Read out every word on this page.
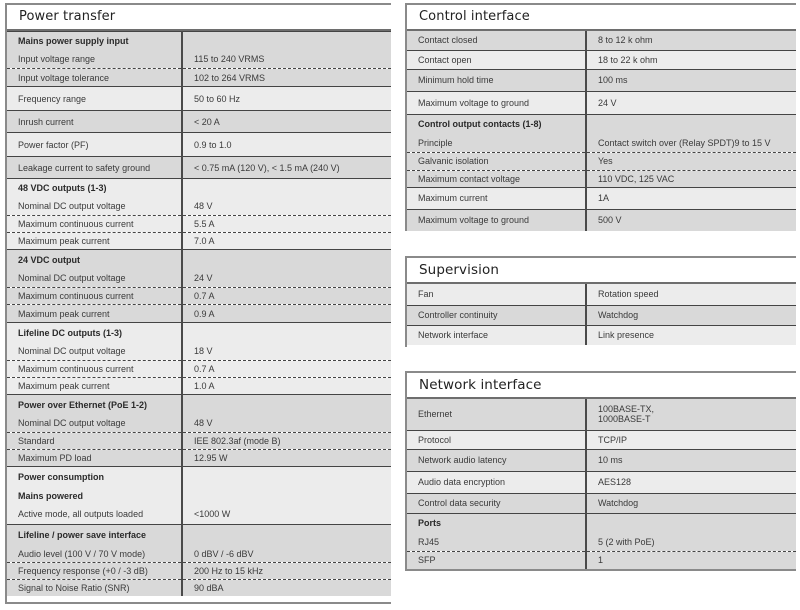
Power transfer
Mains power supply input	
Input voltage range	115 to 240 VRMS
Input voltage tolerance	102 to 264 VRMS
Frequency range	50 to 60 Hz
Inrush current	< 20 A
Power factor (PF)	0.9 to 1.0
Leakage current to safety ground	< 0.75 mA (120 V), < 1.5 mA (240 V)
48 VDC outputs (1-3)	
Nominal DC output voltage	48 V
Maximum continuous current	5.5 A
Maximum peak current	7.0 A
24 VDC output	
Nominal DC output voltage	24 V
Maximum continuous current	0.7 A
Maximum peak current	0.9 A
Lifeline DC outputs (1-3)	
Nominal DC output voltage	18 V
Maximum continuous current	0.7 A
Maximum peak current	1.0 A
Power over Ethernet (PoE 1-2)	
Nominal DC output voltage	48 V
Standard	IEE 802.3af (mode B)
Maximum PD load	12.95 W
Power consumption	
Mains powered	
Active mode, all outputs loaded	<1000 W
Lifeline / power save interface	
Audio level (100 V / 70 V mode)	0 dBV / -6 dBV
Frequency response (+0 / -3 dB)	200 Hz to 15 kHz
Signal to Noise Ratio (SNR)	90 dBA
Control interface
Contact closed	8 to 12 k ohm
Contact open	18 to 22 k ohm
Minimum hold time	100 ms
Maximum voltage to ground	24 V
Control output contacts (1-8)	
Principle	Contact switch over (Relay SPDT)9 to 15 V
Galvanic isolation	Yes
Maximum contact voltage	110 VDC, 125 VAC
Maximum current	1A
Maximum voltage to ground	500 V
Supervision
Fan	Rotation speed
Controller continuity	Watchdog
Network interface	Link presence
Network interface
Ethernet	100BASE-TX,
1000BASE-T

Protocol	TCP/IP
Network audio latency	10 ms
Audio data encryption	AES128
Control data security	Watchdog
Ports	
RJ45	5 (2 with PoE)
SFP	1
